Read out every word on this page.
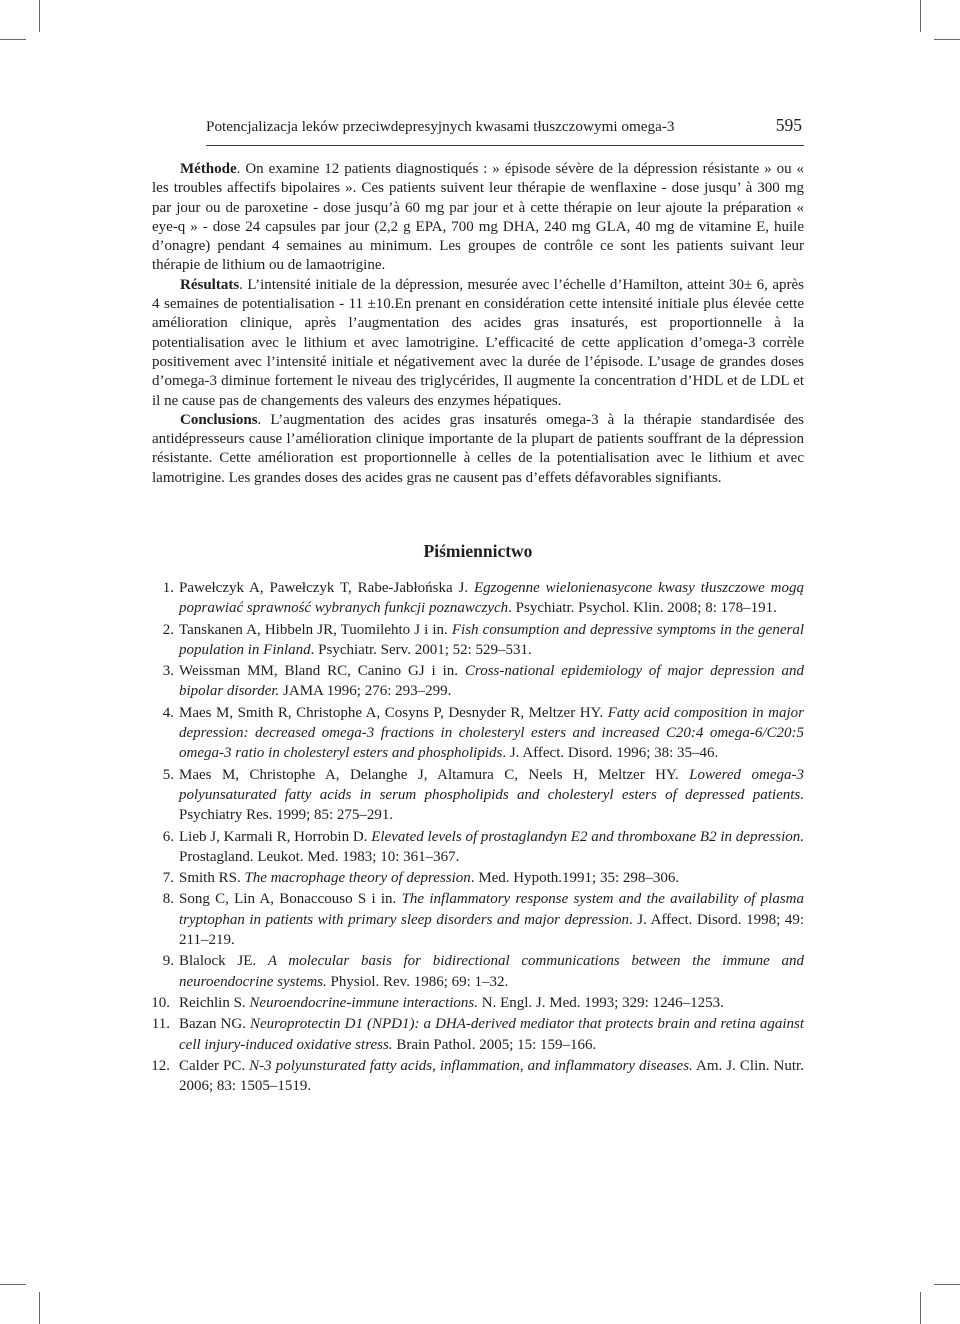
Potencjalizacja leków przeciwdepresyjnych kwasami tłuszczowymi omega-3	595

Méthode. On examine 12 patients diagnostiqués : » épisode sévère de la dépression résistante » ou « les troubles affectifs bipolaires ». Ces patients suivent leur thérapie de wenflaxine - dose jusqu’ à 300 mg par jour ou de paroxetine - dose jusqu’à 60 mg par jour et à cette thérapie on leur ajoute la préparation « eye-q » - dose 24 capsules par jour (2,2 g EPA, 700 mg DHA, 240 mg GLA, 40 mg de vitamine E, huile d’onagre) pendant 4 semaines au minimum. Les groupes de contrôle ce sont les patients suivant leur thérapie de lithium ou de lamaotrigine.

Résultats. L’intensité initiale de la dépression, mesurée avec l’échelle d’Hamilton, atteint 30± 6, après 4 semaines de potentialisation - 11 ±10.En prenant en considération cette intensité initiale plus élevée cette amélioration clinique, après l’augmentation des acides gras insaturés, est proportionnelle à la potentialisation avec le lithium et avec lamotrigine. L’efficacité de cette application d’omega-3 corrèle positivement avec l’intensité initiale et négativement avec la durée de l’épisode. L’usage de grandes doses d’omega-3 diminue fortement le niveau des triglycérides, Il augmente la concentration d’HDL et de LDL et il ne cause pas de changements des valeurs des enzymes hépatiques.

Conclusions. L’augmentation des acides gras insaturés omega-3 à la thérapie standardisée des antidépresseurs cause l’amélioration clinique importante de la plupart de patients souffrant de la dépression résistante. Cette amélioration est proportionnelle à celles de la potentialisation avec le lithium et avec lamotrigine. Les grandes doses des acides gras ne causent pas d’effets défavorables signifiants.

Piśmiennictwo
1. Pawełczyk A, Pawełczyk T, Rabe-Jabłońska J. Egzogenne wielonienasycone kwasy tłuszczowe mogą poprawiać sprawność wybranych funkcji poznawczych. Psychiatr. Psychol. Klin. 2008; 8: 178–191.
2. Tanskanen A, Hibbeln JR, Tuomilehto J i in. Fish consumption and depressive symptoms in the general population in Finland. Psychiatr. Serv. 2001; 52: 529–531.
3. Weissman MM, Bland RC, Canino GJ i in. Cross-national epidemiology of major depression and bipolar disorder. JAMA 1996; 276: 293–299.
4. Maes M, Smith R, Christophe A, Cosyns P, Desnyder R, Meltzer HY. Fatty acid composition in major depression: decreased omega-3 fractions in cholesteryl esters and increased C20:4 omega-6/C20:5 omega-3 ratio in cholesteryl esters and phospholipids. J. Affect. Disord. 1996; 38: 35–46.
5. Maes M, Christophe A, Delanghe J, Altamura C, Neels H, Meltzer HY. Lowered omega-3 polyunsaturated fatty acids in serum phospholipids and cholesteryl esters of depressed patients. Psychiatry Res. 1999; 85: 275–291.
6. Lieb J, Karmali R, Horrobin D. Elevated levels of prostaglandyn E2 and thromboxane B2 in depression. Prostagland. Leukot. Med. 1983; 10: 361–367.
7. Smith RS. The macrophage theory of depression. Med. Hypoth.1991; 35: 298–306.
8. Song C, Lin A, Bonaccouso S i in. The inflammatory response system and the availability of plasma tryptophan in patients with primary sleep disorders and major depression. J. Affect. Disord. 1998; 49: 211–219.
9. Blalock JE. A molecular basis for bidirectional communications between the immune and neuroendocrine systems. Physiol. Rev. 1986; 69: 1–32.
10. Reichlin S. Neuroendocrine-immune interactions. N. Engl. J. Med. 1993; 329: 1246–1253.
11. Bazan NG. Neuroprotectin D1 (NPD1): a DHA-derived mediator that protects brain and retina against cell injury-induced oxidative stress. Brain Pathol. 2005; 15: 159–166.
12. Calder PC. N-3 polyunsturated fatty acids, inflammation, and inflammatory diseases. Am. J. Clin. Nutr. 2006; 83: 1505–1519.
